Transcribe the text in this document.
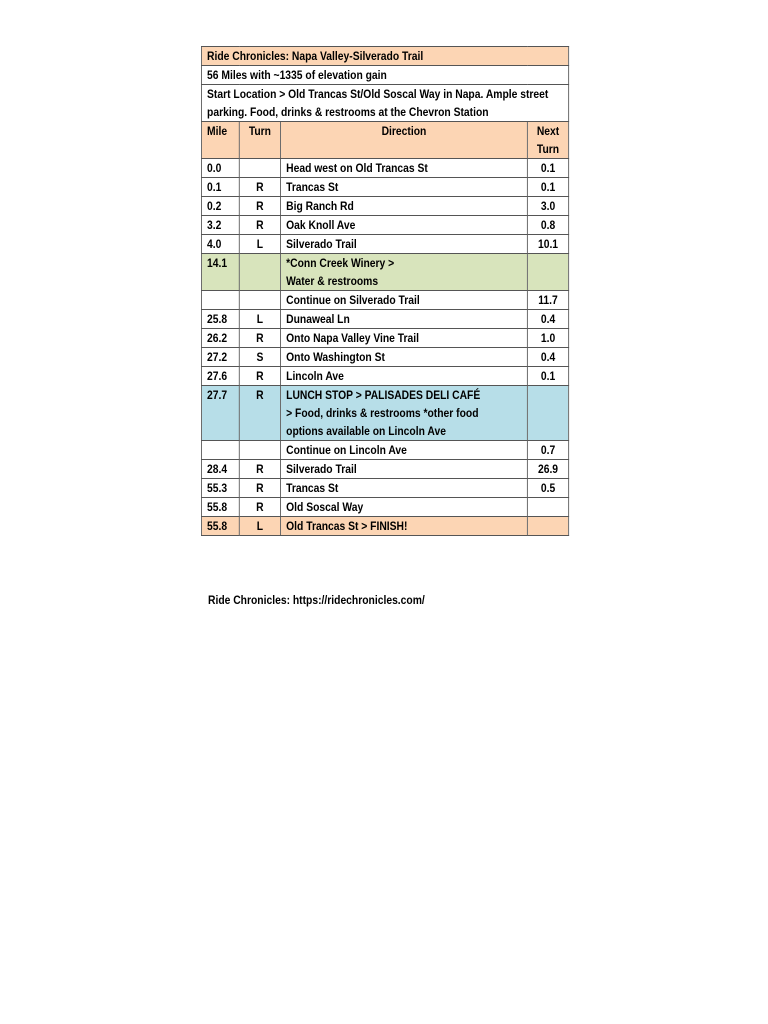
Ride Chronicles: Napa Valley-Silverado Trail			
56 Miles with ~1335 of elevation gain			
Start Location > Old Trancas St/Old Soscal Way in Napa. Ample street parking. Food, drinks & restrooms at the Chevron Station			
Mile	Turn	Direction	Next Turn
0.0		Head west on Old Trancas St	0.1
0.1	R	Trancas St	0.1
0.2	R	Big Ranch Rd	3.0
3.2	R	Oak Knoll Ave	0.8
4.0	L	Silverado Trail	10.1
14.1		*Conn Creek Winery > Water & restrooms	
		Continue on Silverado Trail	11.7
25.8	L	Dunaweal Ln	0.4
26.2	R	Onto Napa Valley Vine Trail	1.0
27.2	S	Onto Washington St	0.4
27.6	R	Lincoln Ave	0.1
27.7	R	LUNCH STOP > PALISADES DELI CAFÉ > Food, drinks & restrooms *other food options available on Lincoln Ave	
		Continue on Lincoln Ave	0.7
28.4	R	Silverado Trail	26.9
55.3	R	Trancas St	0.5
55.8	R	Old Soscal Way	
55.8	L	Old Trancas St > FINISH!	
Ride Chronicles: https://ridechronicles.com/
